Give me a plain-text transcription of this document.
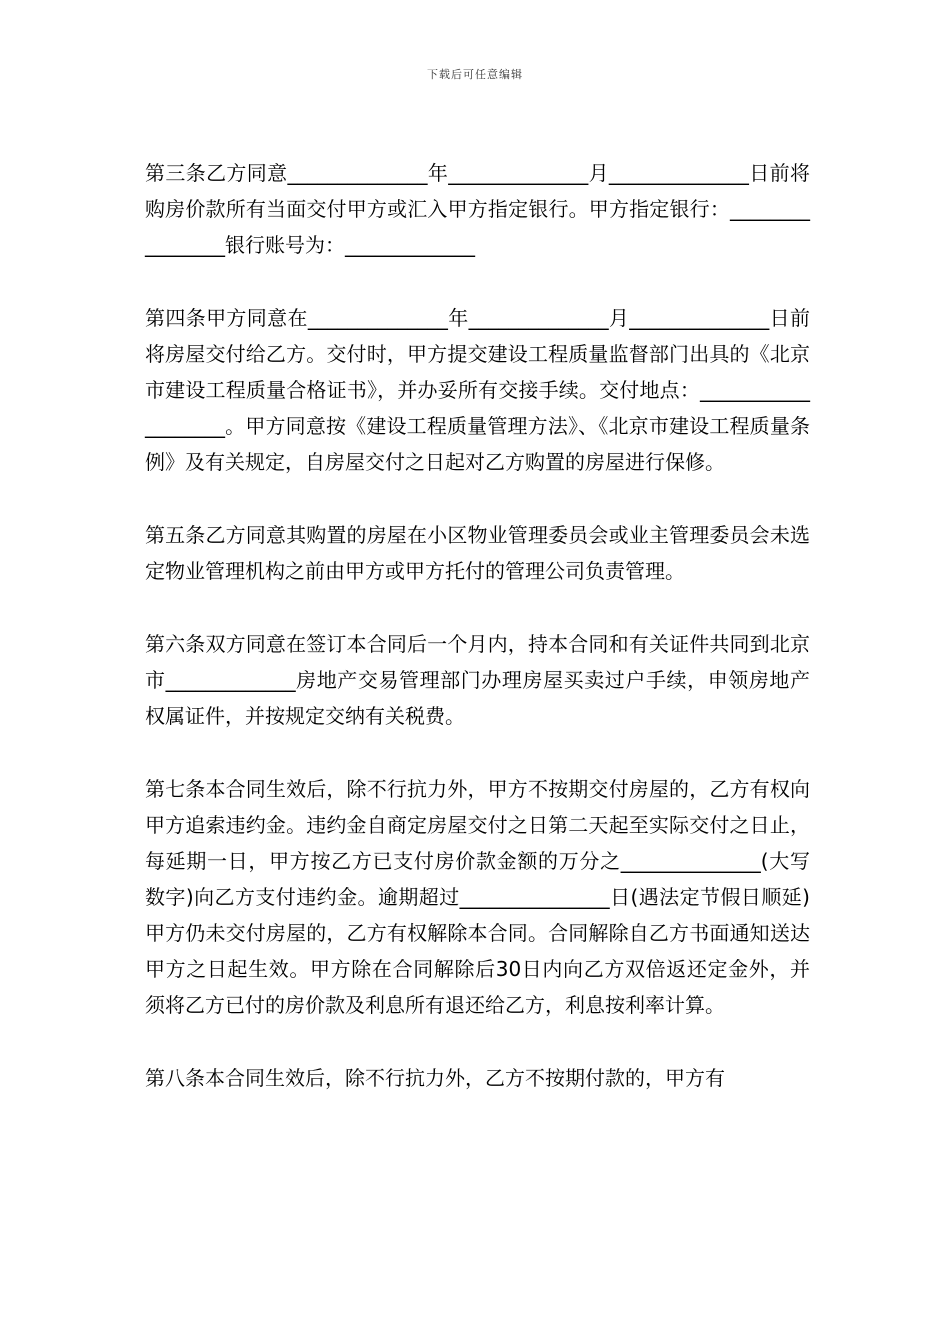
下载后可任意编辑

第三条乙方同意______________年______________月______________日前将购房价款所有当面交付甲方或汇入甲方指定银行。甲方指定银行：________________银行账号为：_____________

第四条甲方同意在______________年______________月______________日前将房屋交付给乙方。交付时，甲方提交建设工程质量监督部门出具的《北京市建设工程质量合格证书》，并办妥所有交接手续。交付地点：___________________。甲方同意按《建设工程质量管理方法》、《北京市建设工程质量条例》及有关规定，自房屋交付之日起对乙方购置的房屋进行保修。

第五条乙方同意其购置的房屋在小区物业管理委员会或业主管理委员会未选定物业管理机构之前由甲方或甲方托付的管理公司负责管理。

第六条双方同意在签订本合同后一个月内，持本合同和有关证件共同到北京市_____________房地产交易管理部门办理房屋买卖过户手续，申领房地产权属证件，并按规定交纳有关税费。

第七条本合同生效后，除不行抗力外，甲方不按期交付房屋的，乙方有权向甲方追索违约金。违约金自商定房屋交付之日第二天起至实际交付之日止，每延期一日，甲方按乙方已支付房价款金额的万分之______________(大写数字)向乙方支付违约金。逾期超过_______________日(遇法定节假日顺延)甲方仍未交付房屋的，乙方有权解除本合同。合同解除自乙方书面通知送达甲方之日起生效。甲方除在合同解除后30日内向乙方双倍返还定金外，并须将乙方已付的房价款及利息所有退还给乙方，利息按利率计算。

第八条本合同生效后，除不行抗力外，乙方不按期付款的，甲方有
